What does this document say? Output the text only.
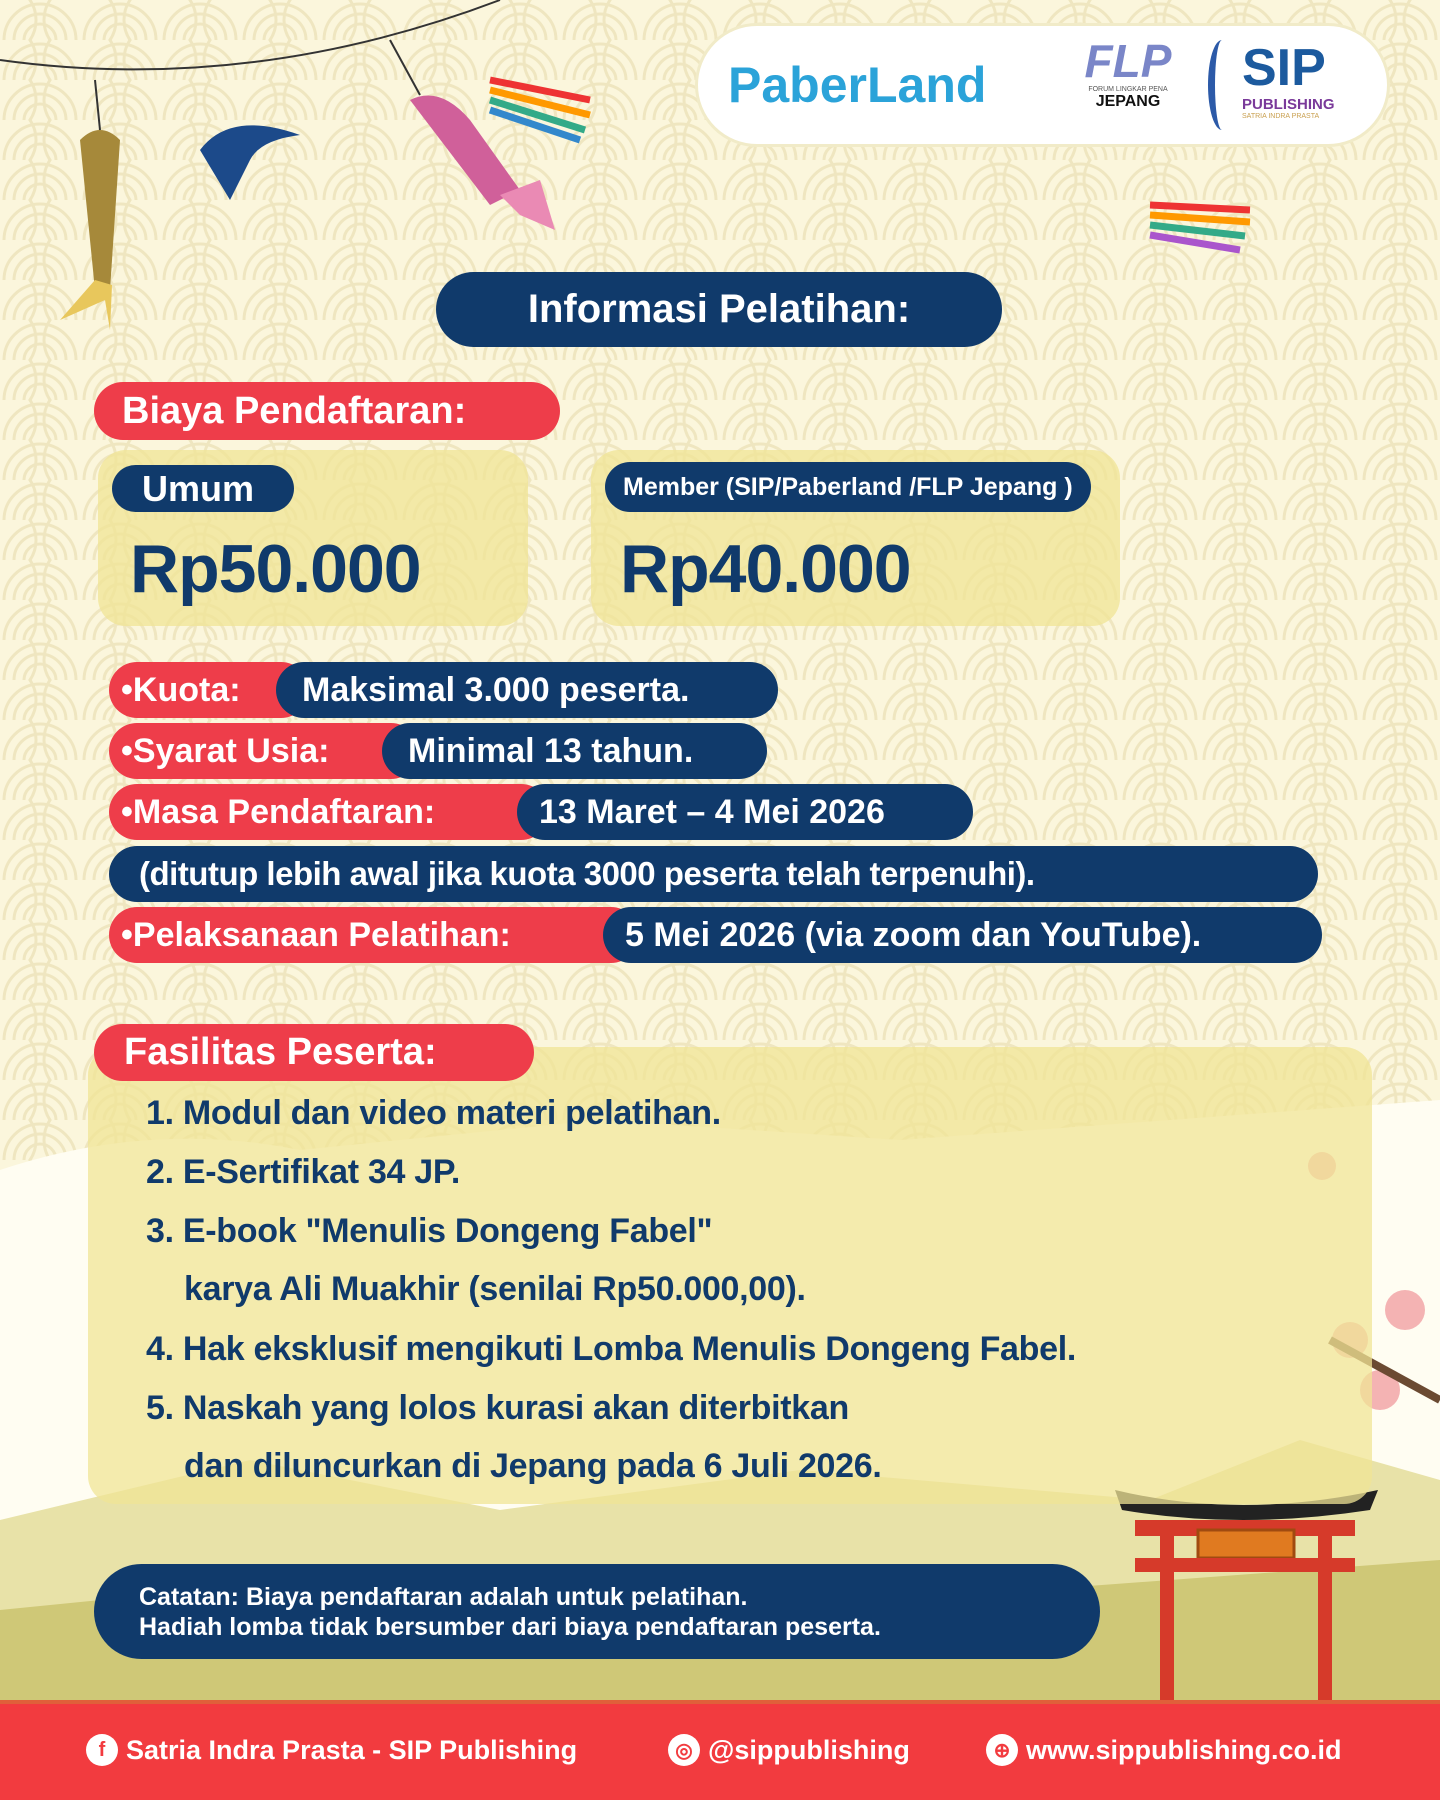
PaberLand FLP
FORUM LINGKAR PENA
JEPANG
SIP
PUBLISHING
SATRIA INDRA PRASTA
Informasi Pelatihan:
Biaya Pendaftaran:
Umum
Rp50.000
Member (SIP/Paberland /FLP Jepang )
Rp40.000
•Kuota:	Maksimal 3.000 peserta.
•Syarat Usia:	Minimal 13 tahun.
•Masa Pendaftaran:	13 Maret – 4 Mei 2026
(ditutup lebih awal jika kuota 3000 peserta telah terpenuhi).
•Pelaksanaan Pelatihan:	5 Mei 2026 (via zoom dan YouTube).
Fasilitas Peserta:
1. Modul dan video materi pelatihan.
2. E-Sertifikat 34 JP.
3. E-book "Menulis Dongeng Fabel"
karya Ali Muakhir (senilai Rp50.000,00).
4. Hak eksklusif mengikuti Lomba Menulis Dongeng Fabel.
5. Naskah yang lolos kurasi akan diterbitkan
dan diluncurkan di Jepang pada 6 Juli 2026.
Catatan: Biaya pendaftaran adalah untuk pelatihan.
Hadiah lomba tidak bersumber dari biaya pendaftaran peserta.
f Satria Indra Prasta - SIP Publishing	◎ @sippublishing	⊕ www.sippublishing.co.id
